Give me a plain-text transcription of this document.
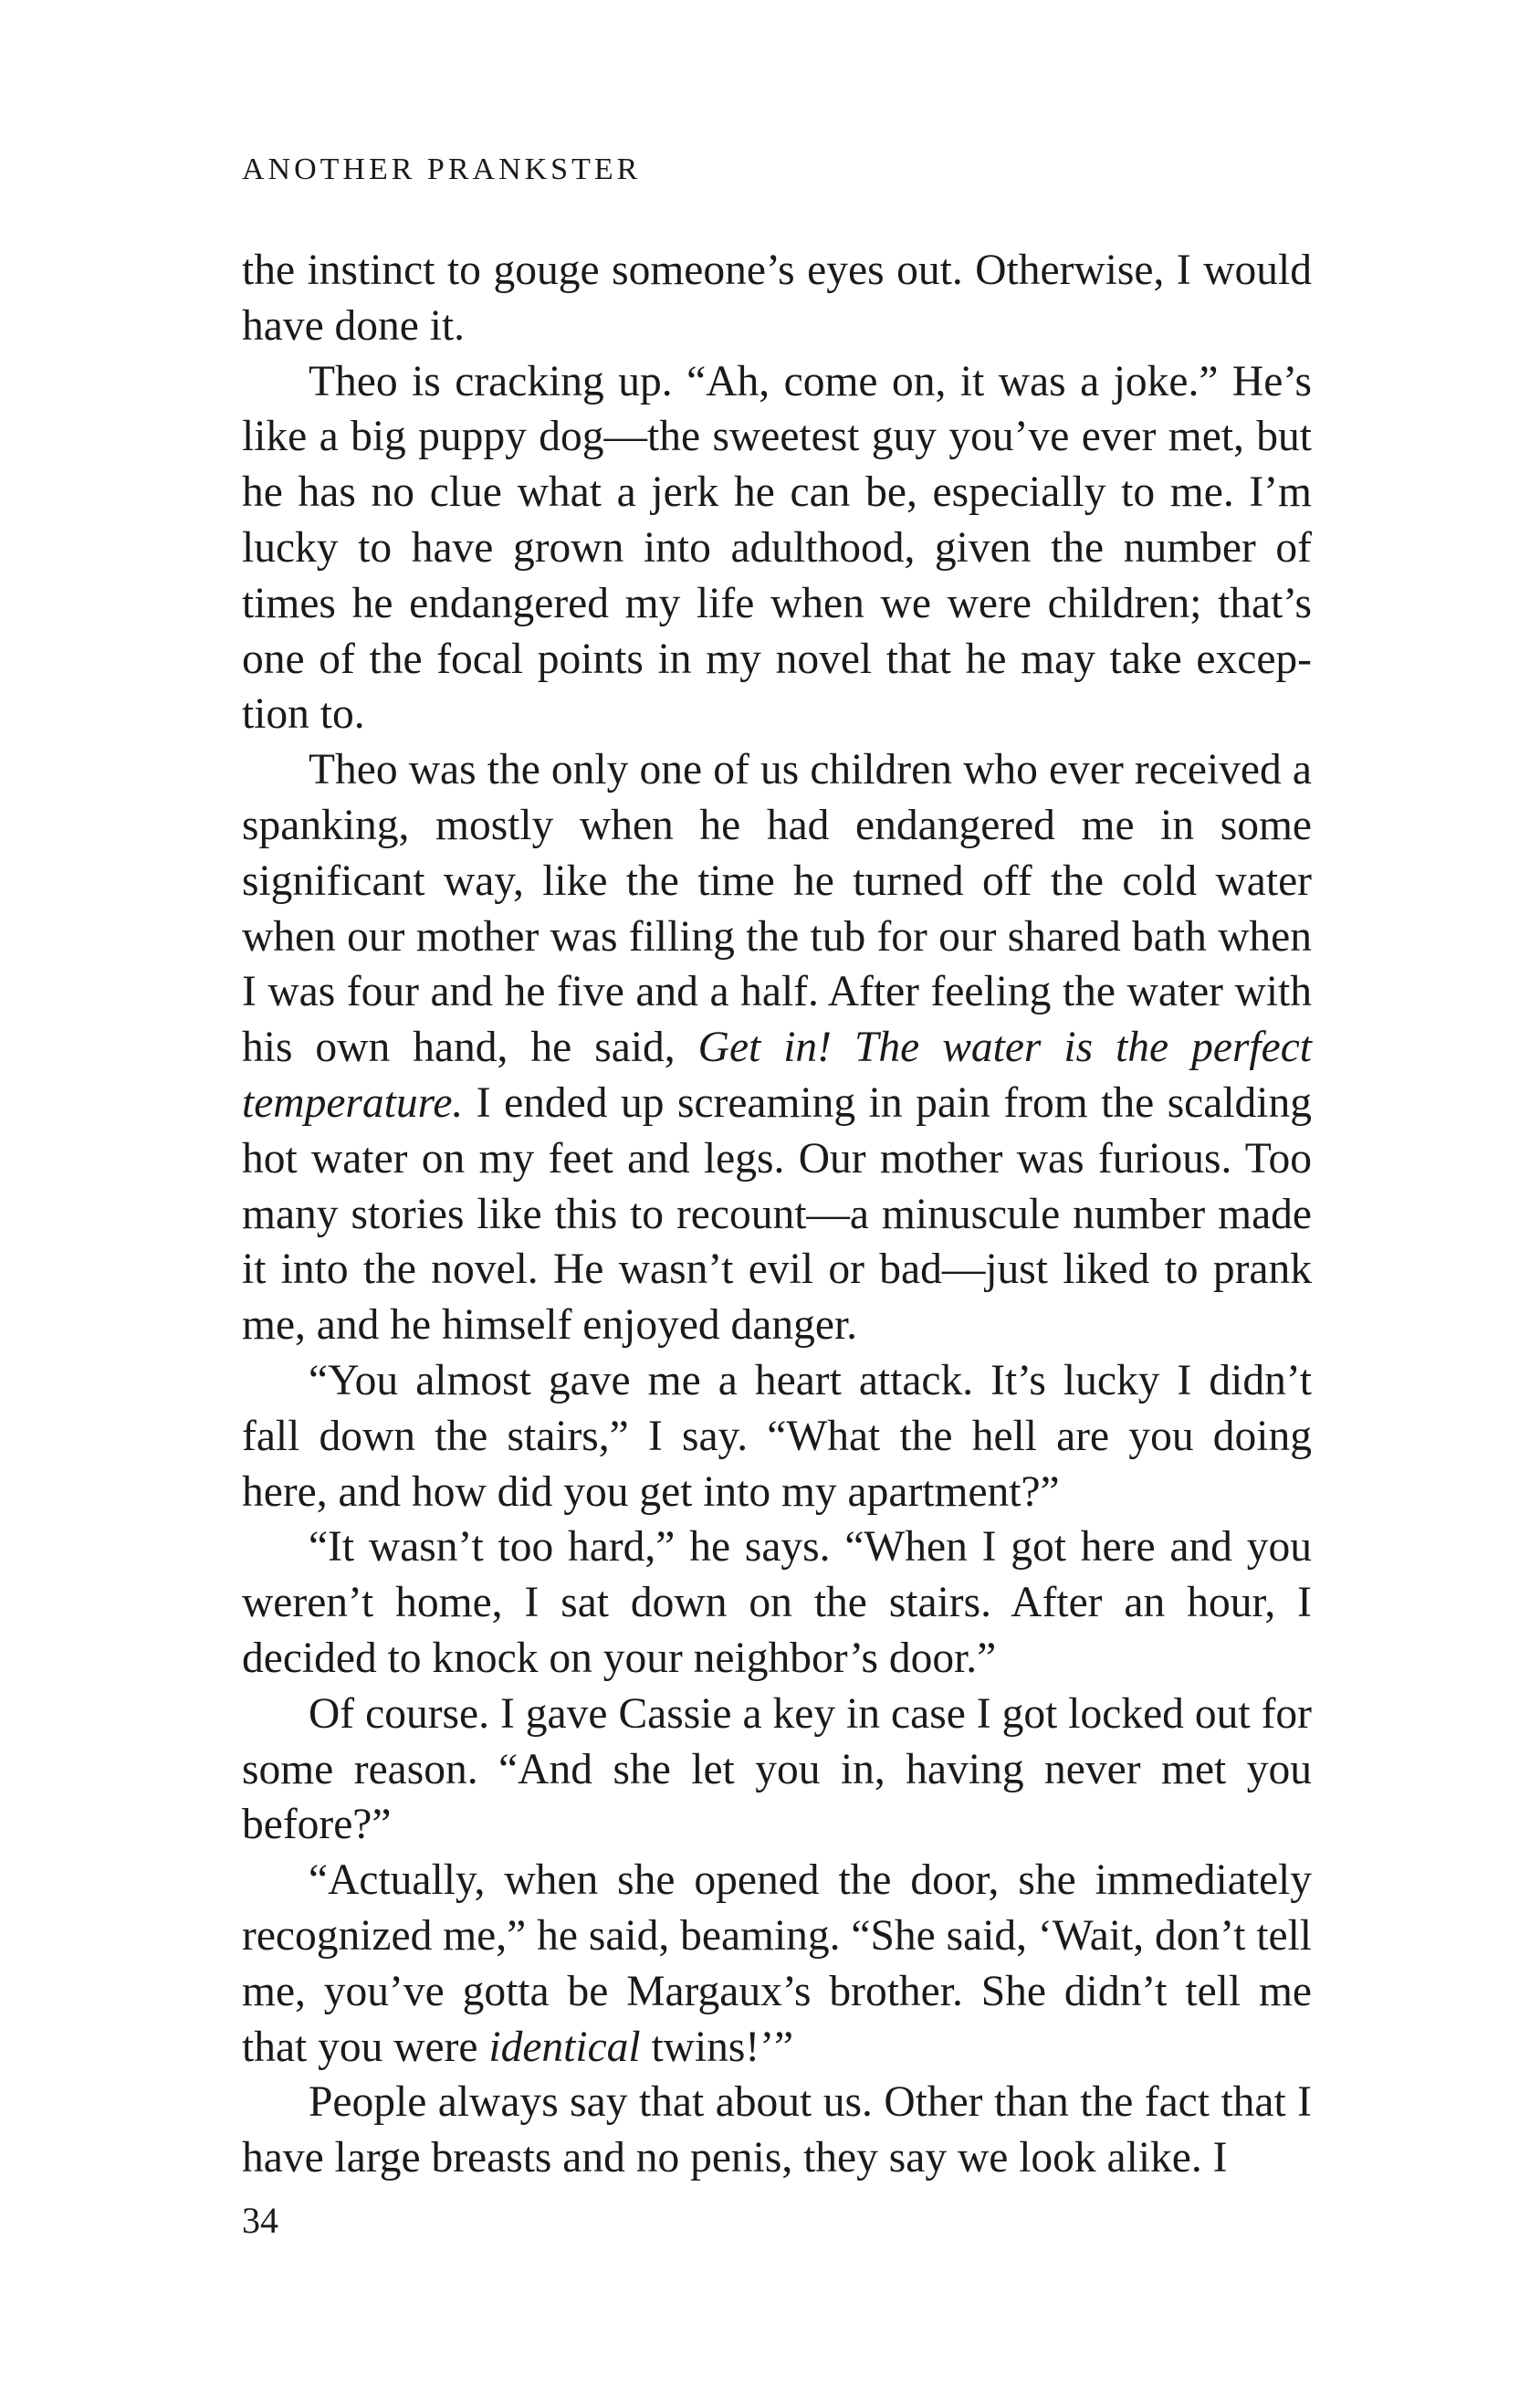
ANOTHER PRANKSTER

the instinct to gouge someone’s eyes out. Otherwise, I would have done it.

Theo is cracking up. “Ah, come on, it was a joke.” He’s like a big puppy dog—the sweetest guy you’ve ever met, but he has no clue what a jerk he can be, especially to me. I’m lucky to have grown into adulthood, given the number of times he endangered my life when we were children; that’s one of the focal points in my novel that he may take exception to.

Theo was the only one of us children who ever received a spanking, mostly when he had endangered me in some significant way, like the time he turned off the cold water when our mother was filling the tub for our shared bath when I was four and he five and a half. After feeling the water with his own hand, he said, Get in! The water is the perfect temperature. I ended up screaming in pain from the scalding hot water on my feet and legs. Our mother was furious. Too many stories like this to recount—a minuscule number made it into the novel. He wasn’t evil or bad—just liked to prank me, and he himself enjoyed danger.

“You almost gave me a heart attack. It’s lucky I didn’t fall down the stairs,” I say. “What the hell are you doing here, and how did you get into my apartment?”

“It wasn’t too hard,” he says. “When I got here and you weren’t home, I sat down on the stairs. After an hour, I decided to knock on your neighbor’s door.”

Of course. I gave Cassie a key in case I got locked out for some reason. “And she let you in, having never met you before?”

“Actually, when she opened the door, she immediately recognized me,” he said, beaming. “She said, ‘Wait, don’t tell me, you’ve gotta be Margaux’s brother. She didn’t tell me that you were identical twins!’”

People always say that about us. Other than the fact that I have large breasts and no penis, they say we look alike. I

34
